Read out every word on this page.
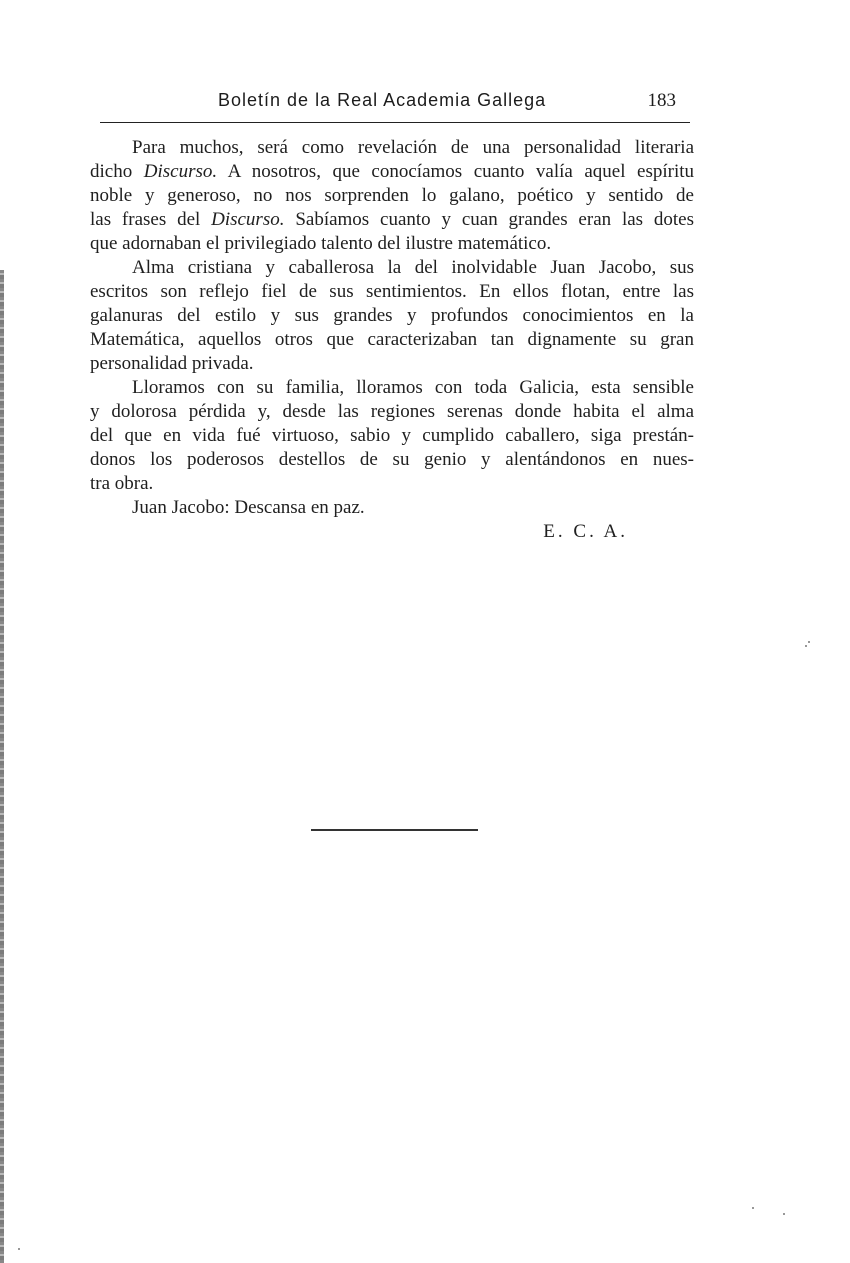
Boletín de la Real Academia Gallega	183
Para muchos, será como revelación de una personalidad literaria
dicho Discurso. A nosotros, que conocíamos cuanto valía aquel espíritu
noble y generoso, no nos sorprenden lo galano, poético y sentido de
las frases del Discurso. Sabíamos cuanto y cuan grandes eran las dotes
que adornaban el privilegiado talento del ilustre matemático.
Alma cristiana y caballerosa la del inolvidable Juan Jacobo, sus
escritos son reflejo fiel de sus sentimientos. En ellos flotan, entre las
galanuras del estilo y sus grandes y profundos conocimientos en la
Matemática, aquellos otros que caracterizaban tan dignamente su gran
personalidad privada.
Lloramos con su familia, lloramos con toda Galicia, esta sensible
y dolorosa pérdida y, desde las regiones serenas donde habita el alma
del que en vida fué virtuoso, sabio y cumplido caballero, siga prestán-
donos los poderosos destellos de su genio y alentándonos en nues-
tra obra.
Juan Jacobo: Descansa en paz.
E. C. A.
